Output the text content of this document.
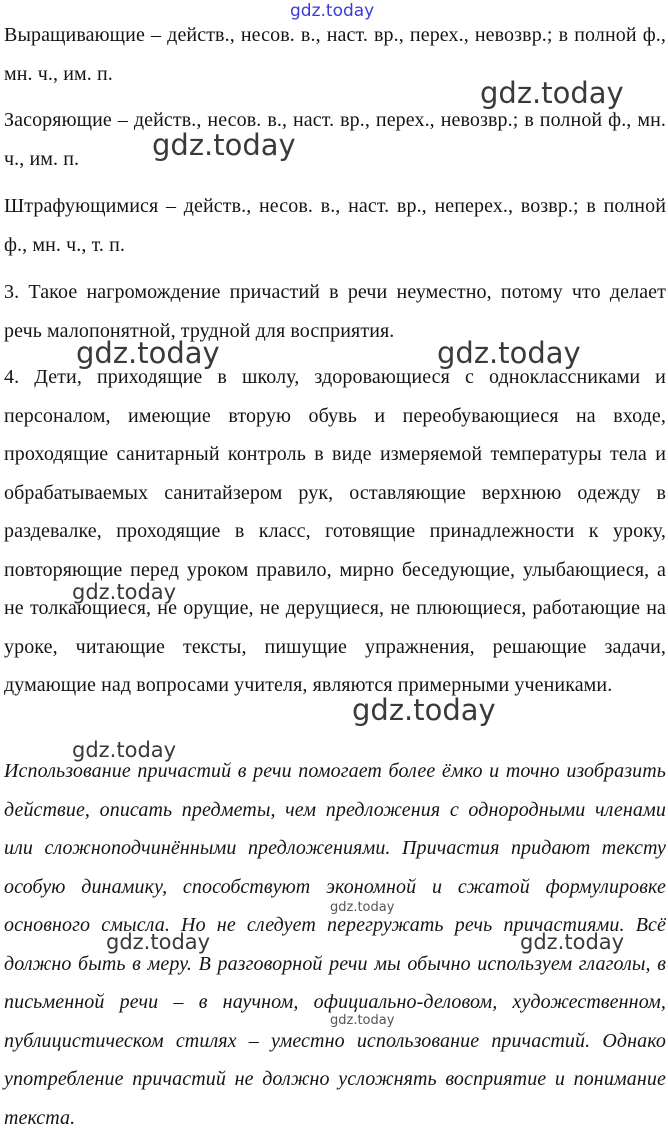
Выращивающие – действ., несов. в., наст. вр., перех., невозвр.; в полной ф., мн. ч., им. п.

Засоряющие – действ., несов. в., наст. вр., перех., невозвр.; в полной ф., мн. ч., им. п.

Штрафующимися – действ., несов. в., наст. вр., неперех., возвр.; в полной ф., мн. ч., т. п.

3. Такое нагромождение причастий в речи неуместно, потому что делает речь малопонятной, трудной для восприятия.

4. Дети, приходящие в школу, здоровающиеся с одноклассниками и персоналом, имеющие вторую обувь и переобувающиеся на входе, проходящие санитарный контроль в виде измеряемой температуры тела и обрабатываемых санитайзером рук, оставляющие верхнюю одежду в раздевалке, проходящие в класс, готовящие принадлежности к уроку, повторяющие перед уроком правило, мирно беседующие, улыбающиеся, а не толкающиеся, не орущие, не дерущиеся, не плюющиеся, работающие на уроке, читающие тексты, пишущие упражнения, решающие задачи, думающие над вопросами учителя, являются примерными учениками.

Использование причастий в речи помогает более ёмко и точно изобразить действие, описать предметы, чем предложения с однородными членами или сложноподчинёнными предложениями. Причастия придают тексту особую динамику, способствуют экономной и сжатой формулировке основного смысла. Но не следует перегружать речь причастиями. Всё должно быть в меру. В разговорной речи мы обычно используем глаголы, в письменной речи – в научном, официально-деловом, художественном, публицистическом стилях – уместно использование причастий. Однако употребление причастий не должно усложнять восприятие и понимание текста.

gdz.today
gdz.today
gdz.today
gdz.today	gdz.today
gdz.today
gdz.today
gdz.today
gdz.today
gdz.today	gdz.today
gdz.today
